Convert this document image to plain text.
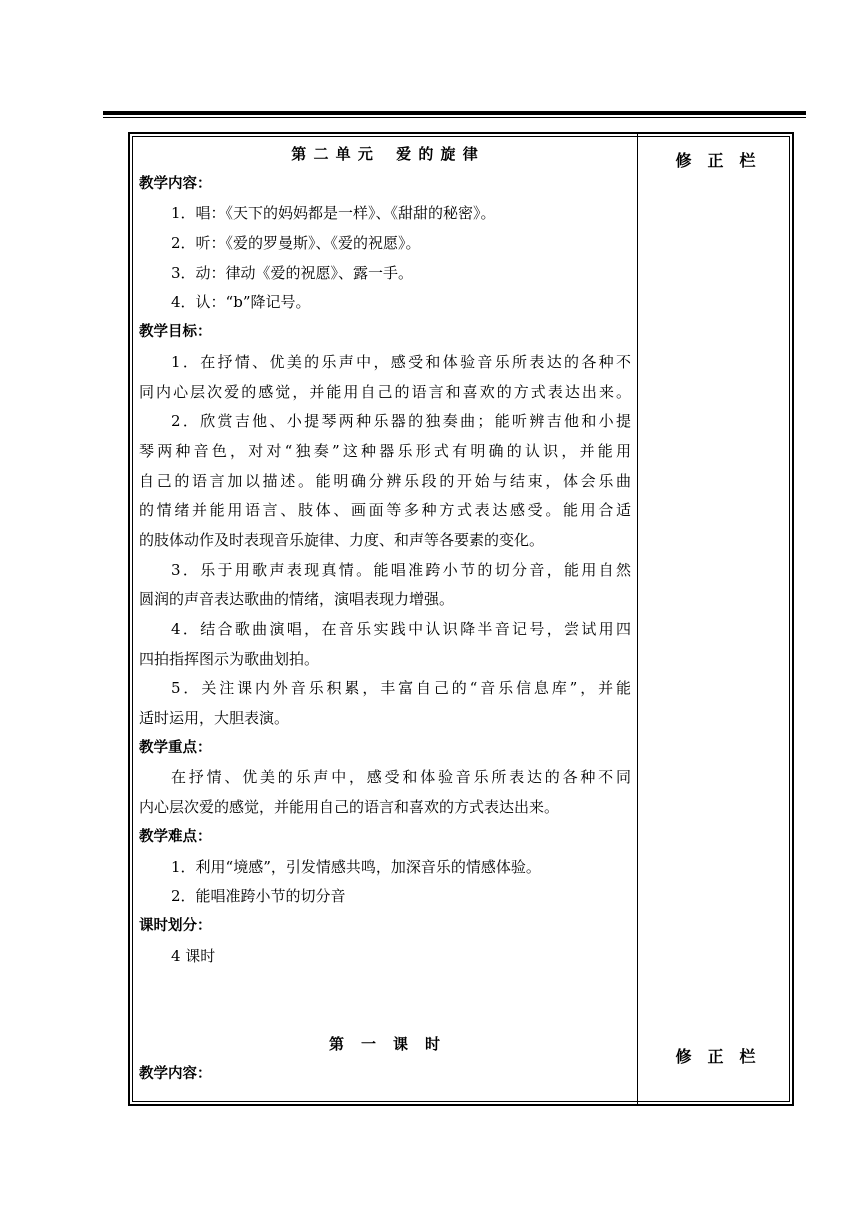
修　正　栏
修　正　栏
第 二 单 元　 爱 的 旋 律
教学内容：
1．唱：《天下的妈妈都是一样》、《甜甜的秘密》。
2．听：《爱的罗曼斯》、《爱的祝愿》。
3．动：律动《爱的祝愿》、露一手。
4．认：“b”降记号。
教学目标：
1．在抒情、优美的乐声中，感受和体验音乐所表达的各种不
同内心层次爱的感觉，并能用自己的语言和喜欢的方式表达出来。
2．欣赏吉他、小提琴两种乐器的独奏曲；能听辨吉他和小提
琴两种音色，对对“独奏”这种器乐形式有明确的认识，并能用
自己的语言加以描述。能明确分辨乐段的开始与结束，体会乐曲
的情绪并能用语言、肢体、画面等多种方式表达感受。能用合适
的肢体动作及时表现音乐旋律、力度、和声等各要素的变化。
3．乐于用歌声表现真情。能唱准跨小节的切分音，能用自然
圆润的声音表达歌曲的情绪，演唱表现力增强。
4．结合歌曲演唱，在音乐实践中认识降半音记号，尝试用四
四拍指挥图示为歌曲划拍。
5．关注课内外音乐积累，丰富自己的“音乐信息库”，并能
适时运用，大胆表演。
教学重点：
在抒情、优美的乐声中，感受和体验音乐所表达的各种不同
内心层次爱的感觉，并能用自己的语言和喜欢的方式表达出来。
教学难点：
1．利用“境感”，引发情感共鸣，加深音乐的情感体验。
2．能唱准跨小节的切分音
课时划分：
4 课时
第　一　课　时
教学内容：
